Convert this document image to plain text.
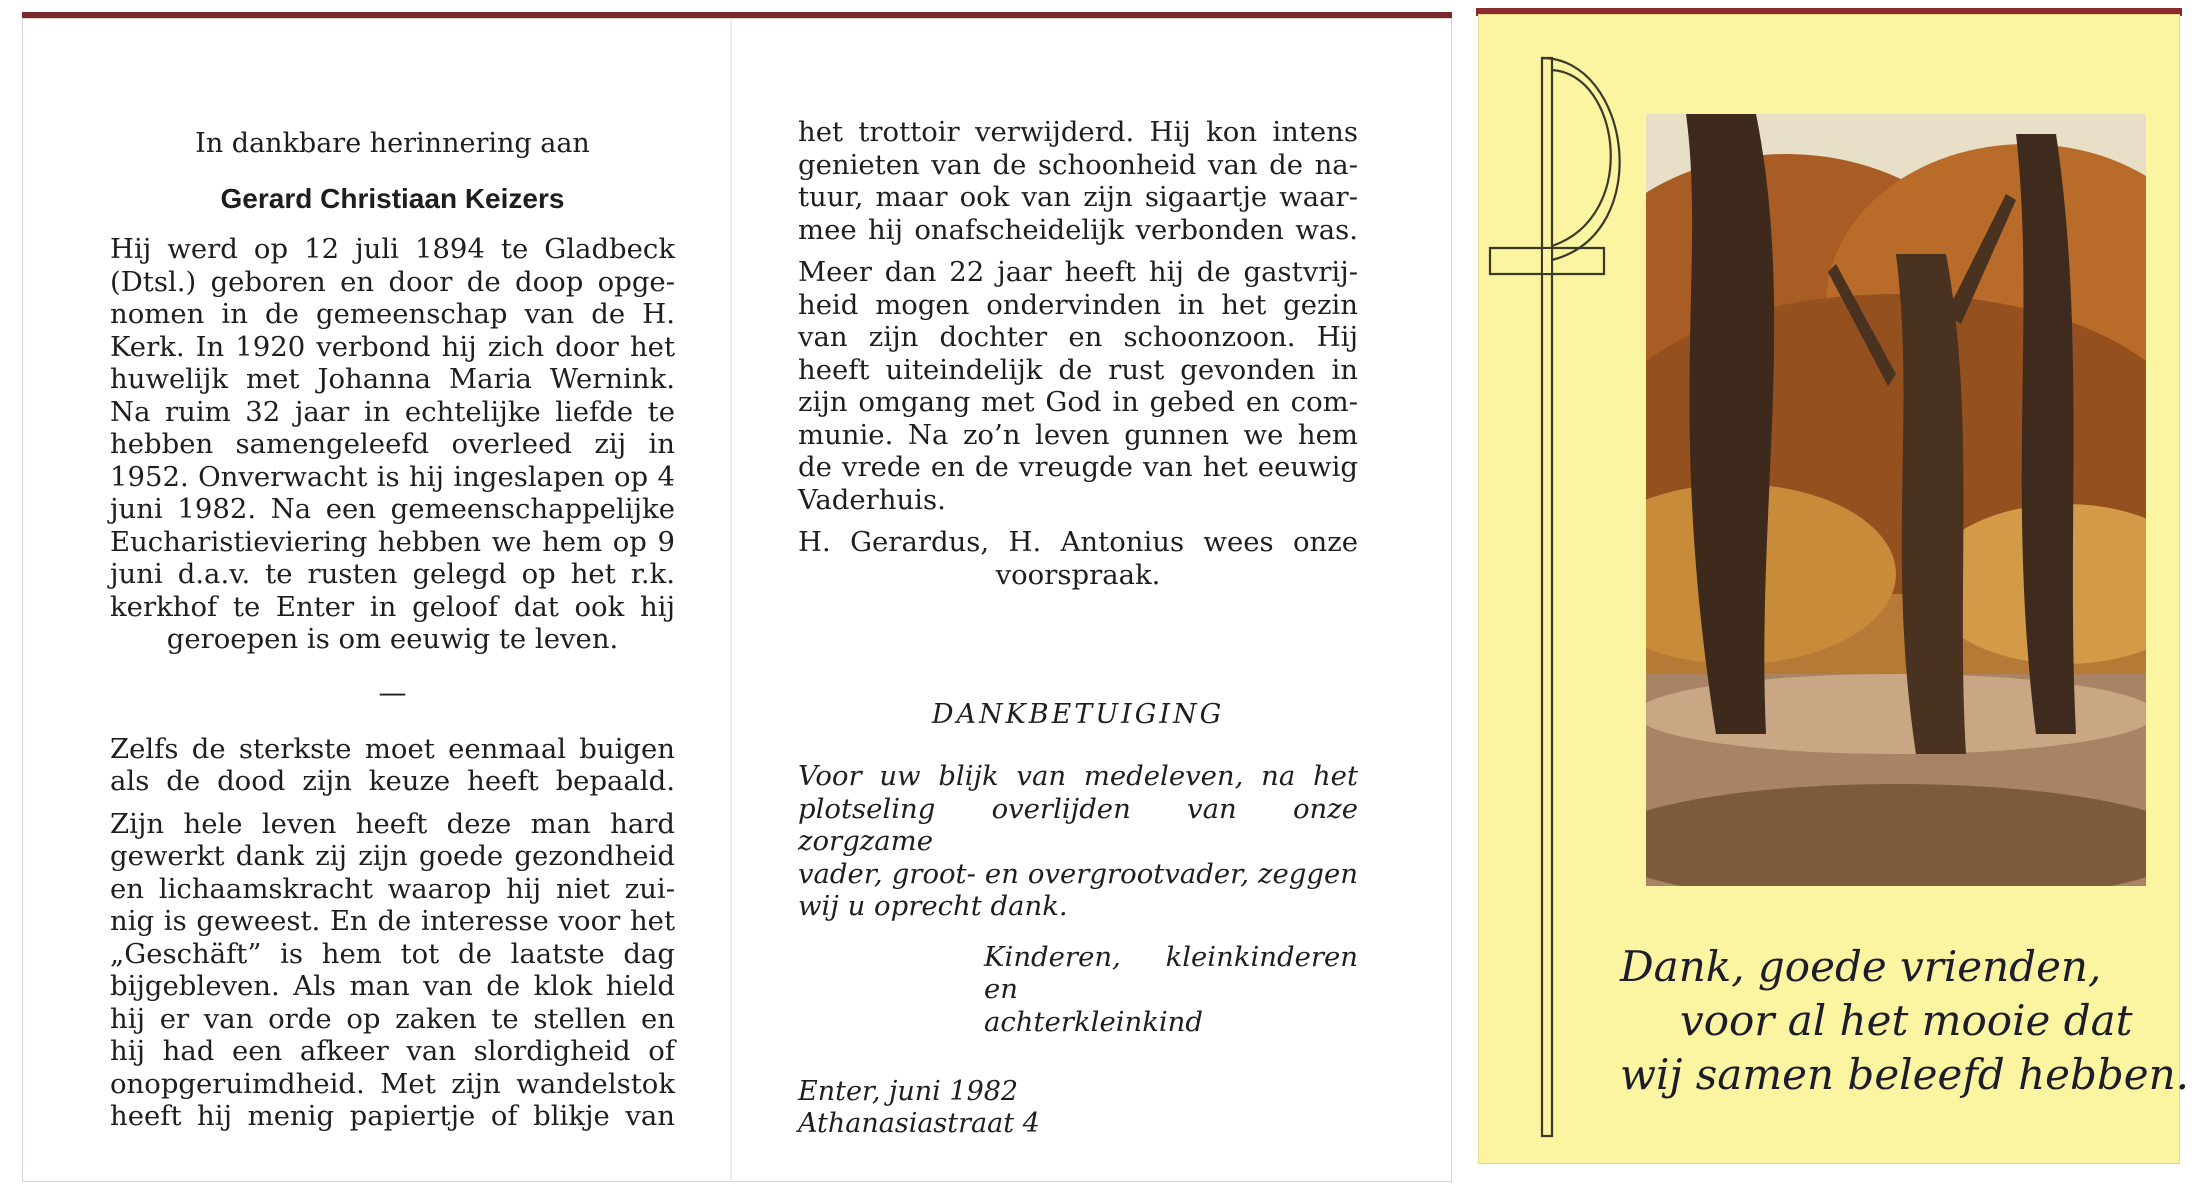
In dankbare herinnering aan

Gerard Christiaan Keizers

Hij werd op 12 juli 1894 te Gladbeck

(Dtsl.) geboren en door de doop opge-

nomen in de gemeenschap van de H.

Kerk. In 1920 verbond hij zich door het

huwelijk met Johanna Maria Wernink.

Na ruim 32 jaar in echtelijke liefde te

hebben samengeleefd overleed zij in

1952. Onverwacht is hij ingeslapen op 4

juni 1982. Na een gemeenschappelijke

Eucharistieviering hebben we hem op 9

juni d.a.v. te rusten gelegd op het r.k.

kerkhof te Enter in geloof dat ook hij

geroepen is om eeuwig te leven.

—

Zelfs de sterkste moet eenmaal buigen

als de dood zijn keuze heeft bepaald.

Zijn hele leven heeft deze man hard

gewerkt dank zij zijn goede gezondheid

en lichaamskracht waarop hij niet zui-

nig is geweest. En de interesse voor het

„Geschäft” is hem tot de laatste dag

bijgebleven. Als man van de klok hield

hij er van orde op zaken te stellen en

hij had een afkeer van slordigheid of

onopgeruimdheid. Met zijn wandelstok

heeft hij menig papiertje of blikje van

het trottoir verwijderd. Hij kon intens

genieten van de schoonheid van de na-

tuur, maar ook van zijn sigaartje waar-

mee hij onafscheidelijk verbonden was.

Meer dan 22 jaar heeft hij de gastvrij-

heid mogen ondervinden in het gezin

van zijn dochter en schoonzoon. Hij

heeft uiteindelijk de rust gevonden in

zijn omgang met God in gebed en com-

munie. Na zo’n leven gunnen we hem

de vrede en de vreugde van het eeuwig

Vaderhuis.

H. Gerardus, H. Antonius wees onze

voorspraak.

DANKBETUIGING

Voor uw blijk van medeleven, na het

plotseling overlijden van onze zorgzame

vader, groot- en overgrootvader, zeggen

wij u oprecht dank.

Kinderen, kleinkinderen en

achterkleinkind

Enter, juni 1982
Athanasiastraat 4
Dank, goede vrienden,
voor al het mooie dat
wij samen beleefd hebben.
